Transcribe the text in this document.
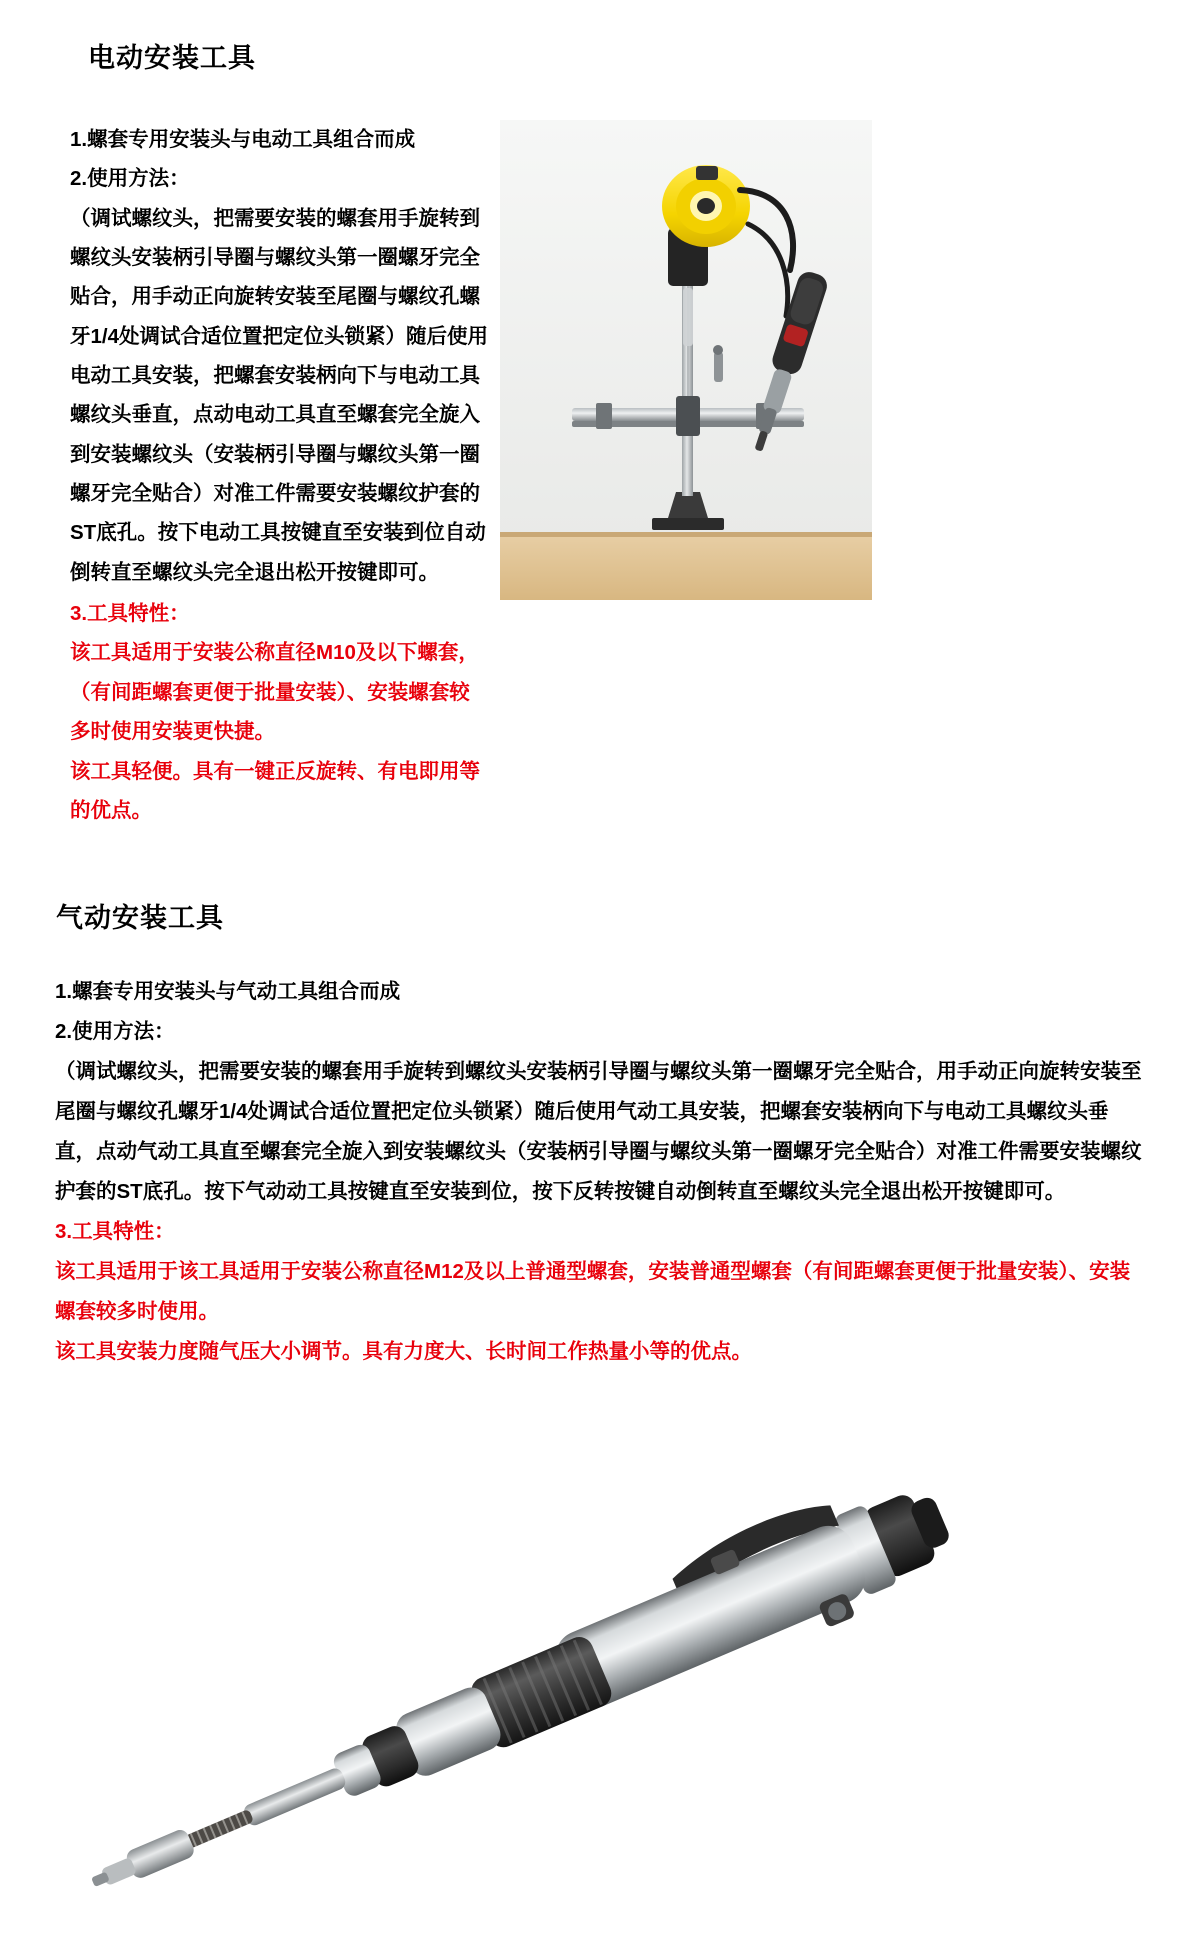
电动安装工具
1.螺套专用安装头与电动工具组合而成
2.使用方法：
（调试螺纹头，把需要安装的螺套用手旋转到
螺纹头安装柄引导圈与螺纹头第一圈螺牙完全
贴合，用手动正向旋转安装至尾圈与螺纹孔螺
牙1/4处调试合适位置把定位头锁紧）随后使用
电动工具安装，把螺套安装柄向下与电动工具
螺纹头垂直，点动电动工具直至螺套完全旋入
到安装螺纹头（安装柄引导圈与螺纹头第一圈
螺牙完全贴合）对准工件需要安装螺纹护套的
ST底孔。按下电动工具按键直至安装到位自动
倒转直至螺纹头完全退出松开按键即可。
3.工具特性：
该工具适用于安装公称直径M10及以下螺套，
（有间距螺套更便于批量安装）、安装螺套较
多时使用安装更快捷。
该工具轻便。具有一键正反旋转、有电即用等
的优点。
气动安装工具

1.螺套专用安装头与气动工具组合而成

2.使用方法：

（调试螺纹头，把需要安装的螺套用手旋转到螺纹头安装柄引导圈与螺纹头第一圈螺牙完全贴合，用手动正向旋转安装至尾圈与螺纹孔螺牙1/4处调试合适位置把定位头锁紧）随后使用气动工具安装，把螺套安装柄向下与电动工具螺纹头垂直，点动气动工具直至螺套完全旋入到安装螺纹头（安装柄引导圈与螺纹头第一圈螺牙完全贴合）对准工件需要安装螺纹护套的ST底孔。按下气动动工具按键直至安装到位，按下反转按键自动倒转直至螺纹头完全退出松开按键即可。

3.工具特性：

该工具适用于该工具适用于安装公称直径M12及以上普通型螺套，安装普通型螺套（有间距螺套更便于批量安装）、安装螺套较多时使用。

该工具安装力度随气压大小调节。具有力度大、长时间工作热量小等的优点。
